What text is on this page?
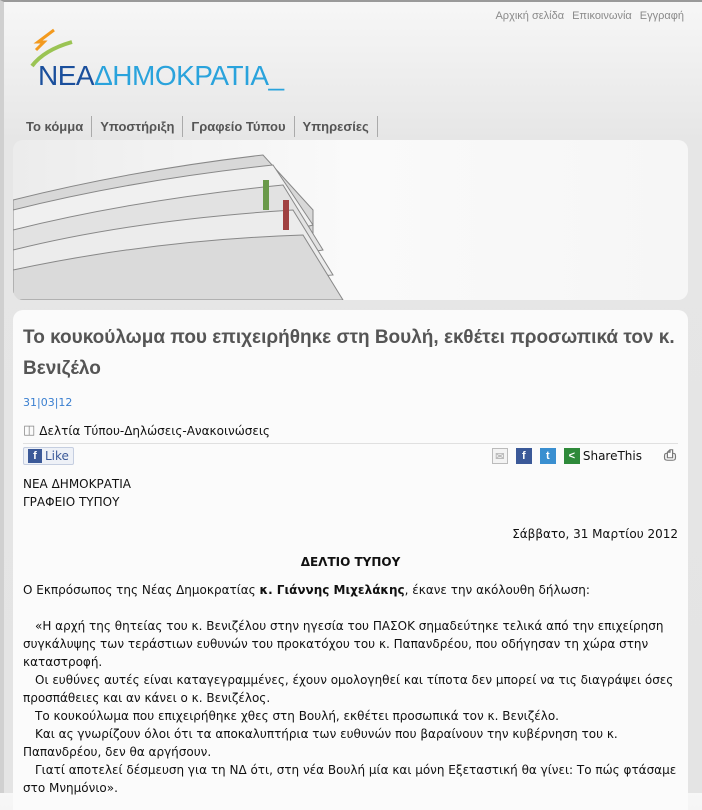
Αρχική σελίδα Επικοινωνία Εγγραφή
ΝΕΑΔΗΜΟΚΡΑΤΙΑ_
Το κόμμα	Υποστήριξη	Γραφείο Τύπου	Υπηρεσίες
Το κουκούλωμα που επιχειρήθηκε στη Βουλή, εκθέτει προσωπικά τον κ. Βενιζέλο
31|03|12
◫ Δελτία Τύπου-Δηλώσεις-Ανακοινώσεις
f Like	✉	f	t	< ShareThis ⎙
ΝΕΑ ΔΗΜΟΚΡΑΤΙΑ
ΓΡΑΦΕΙΟ ΤΥΠΟΥ
Σάββατο, 31 Μαρτίου 2012
ΔΕΛΤΙΟ ΤΥΠΟΥ
Ο Εκπρόσωπος της Νέας Δημοκρατίας κ. Γιάννης Μιχελάκης, έκανε την ακόλουθη δήλωση:

«Η αρχή της θητείας του κ. Βενιζέλου στην ηγεσία του ΠΑΣΟΚ σημαδεύτηκε τελικά από την επιχείρηση συγκάλυψης των τεράστιων ευθυνών του προκατόχου του κ. Παπανδρέου, που οδήγησαν τη χώρα στην καταστροφή.

Οι ευθύνες αυτές είναι καταγεγραμμένες, έχουν ομολογηθεί και τίποτα δεν μπορεί να τις διαγράψει όσες προσπάθειες και αν κάνει ο κ. Βενιζέλος.

Το κουκούλωμα που επιχειρήθηκε χθες στη Βουλή, εκθέτει προσωπικά τον κ. Βενιζέλο.

Και ας γνωρίζουν όλοι ότι τα αποκαλυπτήρια των ευθυνών που βαραίνουν την κυβέρνηση του κ. Παπανδρέου, δεν θα αργήσουν.

Γιατί αποτελεί δέσμευση για τη ΝΔ ότι, στη νέα Βουλή μία και μόνη Εξεταστική θα γίνει: Το πώς φτάσαμε στο Μνημόνιο».
